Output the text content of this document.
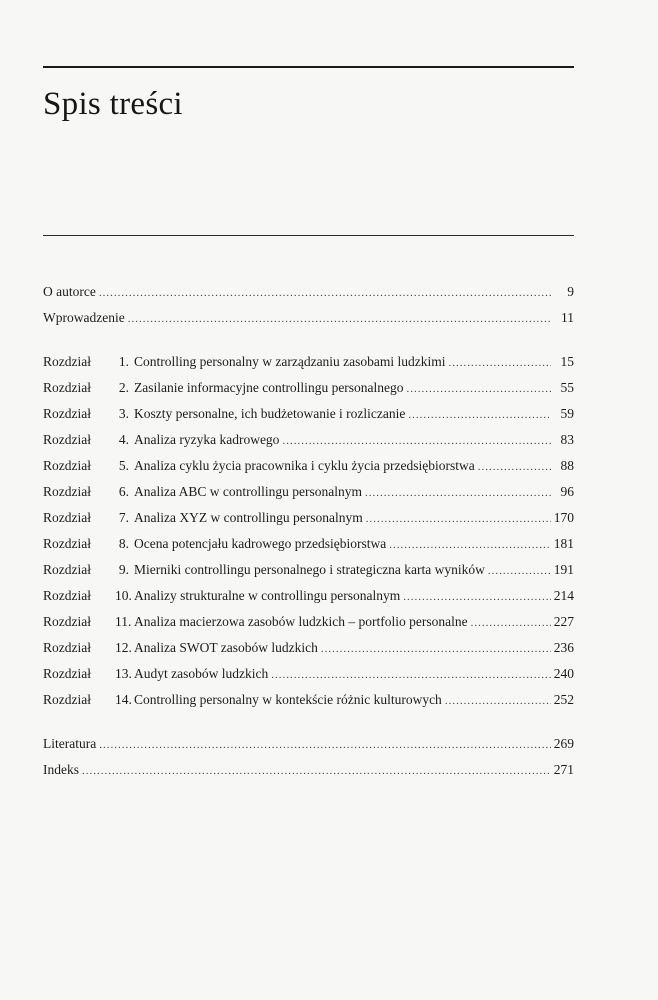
Spis treści
O autorce .....	9
Wprowadzenie .....	11
Rozdział	1. Controlling personalny w zarządzaniu zasobami ludzkimi .....	15
Rozdział	2. Zasilanie informacyjne controllingu personalnego .....	55
Rozdział	3. Koszty personalne, ich budżetowanie i rozliczanie .....	59
Rozdział	4. Analiza ryzyka kadrowego .....	83
Rozdział	5. Analiza cyklu życia pracownika i cyklu życia przedsiębiorstwa .....	88
Rozdział	6. Analiza ABC w controllingu personalnym .....	96
Rozdział	7. Analiza XYZ w controllingu personalnym .....	170
Rozdział	8. Ocena potencjału kadrowego przedsiębiorstwa .....	181
Rozdział	9. Mierniki controllingu personalnego i strategiczna karta wyników .....	191
Rozdział	10. Analizy strukturalne w controllingu personalnym .....	214
Rozdział	11. Analiza macierzowa zasobów ludzkich – portfolio personalne .....	227
Rozdział	12. Analiza SWOT zasobów ludzkich .....	236
Rozdział	13. Audyt zasobów ludzkich .....	240
Rozdział	14. Controlling personalny w kontekście różnic kulturowych .....	252
Literatura .....	269
Indeks .....	271
